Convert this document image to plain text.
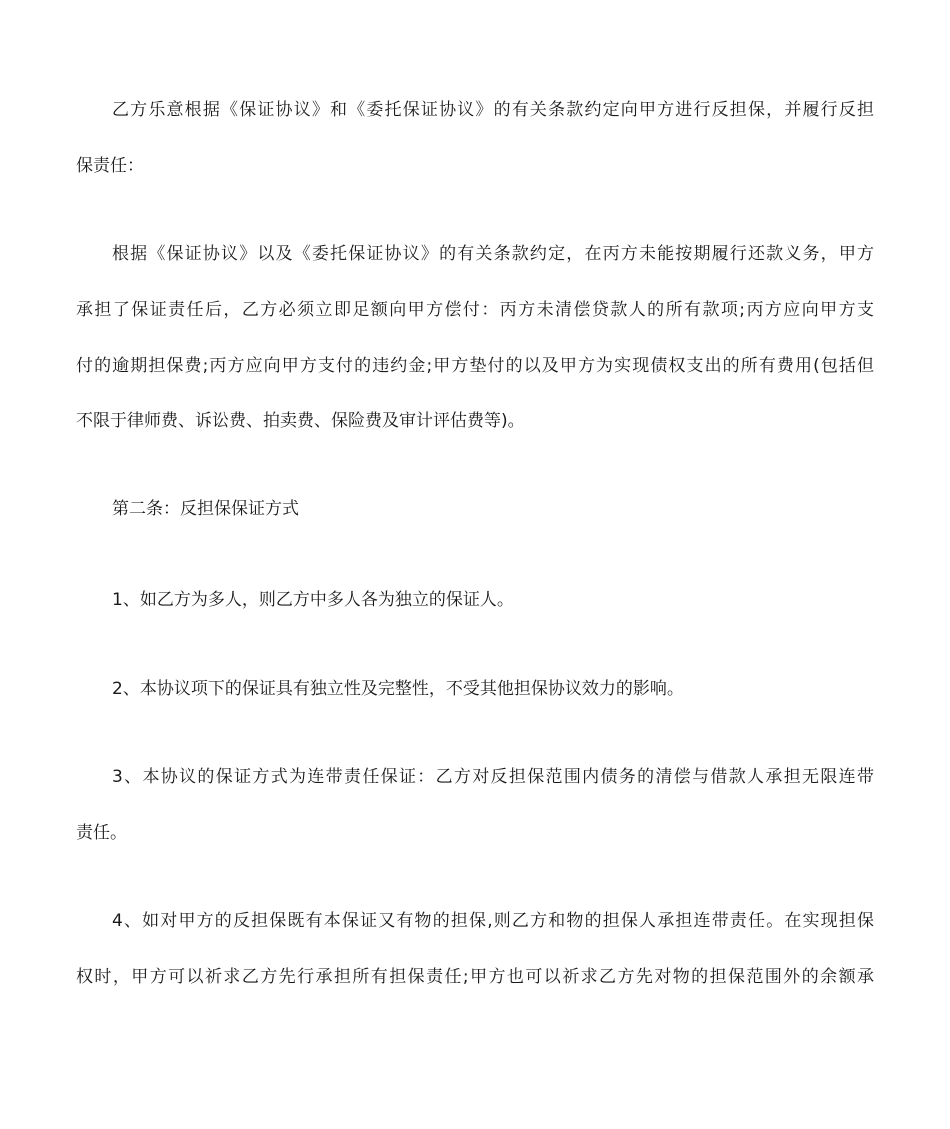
乙方乐意根据《保证协议》和《委托保证协议》的有关条款约定向甲方进行反担保，并履行反担
保责任：
根据《保证协议》以及《委托保证协议》的有关条款约定，在丙方未能按期履行还款义务，甲方
承担了保证责任后，乙方必须立即足额向甲方偿付：丙方未清偿贷款人的所有款项;丙方应向甲方支
付的逾期担保费;丙方应向甲方支付的违约金;甲方垫付的以及甲方为实现债权支出的所有费用(包括但
不限于律师费、诉讼费、拍卖费、保险费及审计评估费等)。
第二条：反担保保证方式
1、如乙方为多人，则乙方中多人各为独立的保证人。
2、本协议项下的保证具有独立性及完整性，不受其他担保协议效力的影响。
3、本协议的保证方式为连带责任保证：乙方对反担保范围内债务的清偿与借款人承担无限连带
责任。
4、如对甲方的反担保既有本保证又有物的担保,则乙方和物的担保人承担连带责任。在实现担保
权时，甲方可以祈求乙方先行承担所有担保责任;甲方也可以祈求乙方先对物的担保范围外的余额承
